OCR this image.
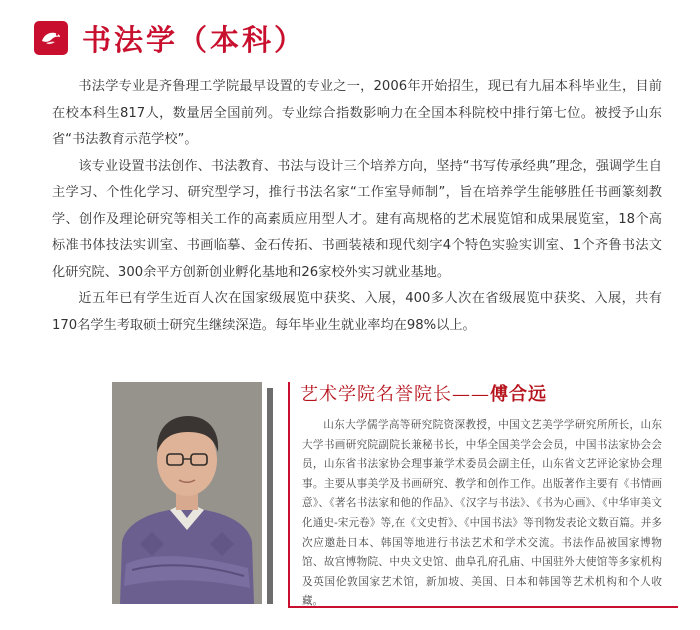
书法学（本科）

书法学专业是齐鲁理工学院最早设置的专业之一，2006年开始招生，现已有九届本科毕业生，目前在校本科生817人，数量居全国前列。专业综合指数影响力在全国本科院校中排行第七位。被授予山东省“书法教育示范学校”。

该专业设置书法创作、书法教育、书法与设计三个培养方向，坚持“书写传承经典”理念，强调学生自主学习、个性化学习、研究型学习，推行书法名家“工作室导师制”，旨在培养学生能够胜任书画篆刻教学、创作及理论研究等相关工作的高素质应用型人才。建有高规格的艺术展览馆和成果展览室，18个高标准书体技法实训室、书画临摹、金石传拓、书画装裱和现代刻字4个特色实验实训室、1个齐鲁书法文化研究院、300余平方创新创业孵化基地和26家校外实习就业基地。

近五年已有学生近百人次在国家级展览中获奖、入展，400多人次在省级展览中获奖、入展，共有170名学生考取硕士研究生继续深造。每年毕业生就业率均在98%以上。

艺术学院名誉院长——傅合远

山东大学儒学高等研究院资深教授，中国文艺美学学研究所所长，山东大学书画研究院副院长兼秘书长，中华全国美学会会员，中国书法家协会会员，山东省书法家协会理事兼学术委员会副主任，山东省文艺评论家协会理事。主要从事美学及书画研究、教学和创作工作。出版著作主要有《书情画意》、《著名书法家和他的作品》、《汉字与书法》、《书为心画》、《中华审美文化通史-宋元卷》等,在《文史哲》、《中国书法》等刊物发表论文数百篇。并多次应邀赴日本、韩国等地进行书法艺术和学术交流。书法作品被国家博物馆、故宫博物院、中央文史馆、曲阜孔府孔庙、中国驻外大使馆等多家机构及英国伦敦国家艺术馆，新加坡、美国、日本和韩国等艺术机构和个人收藏。
